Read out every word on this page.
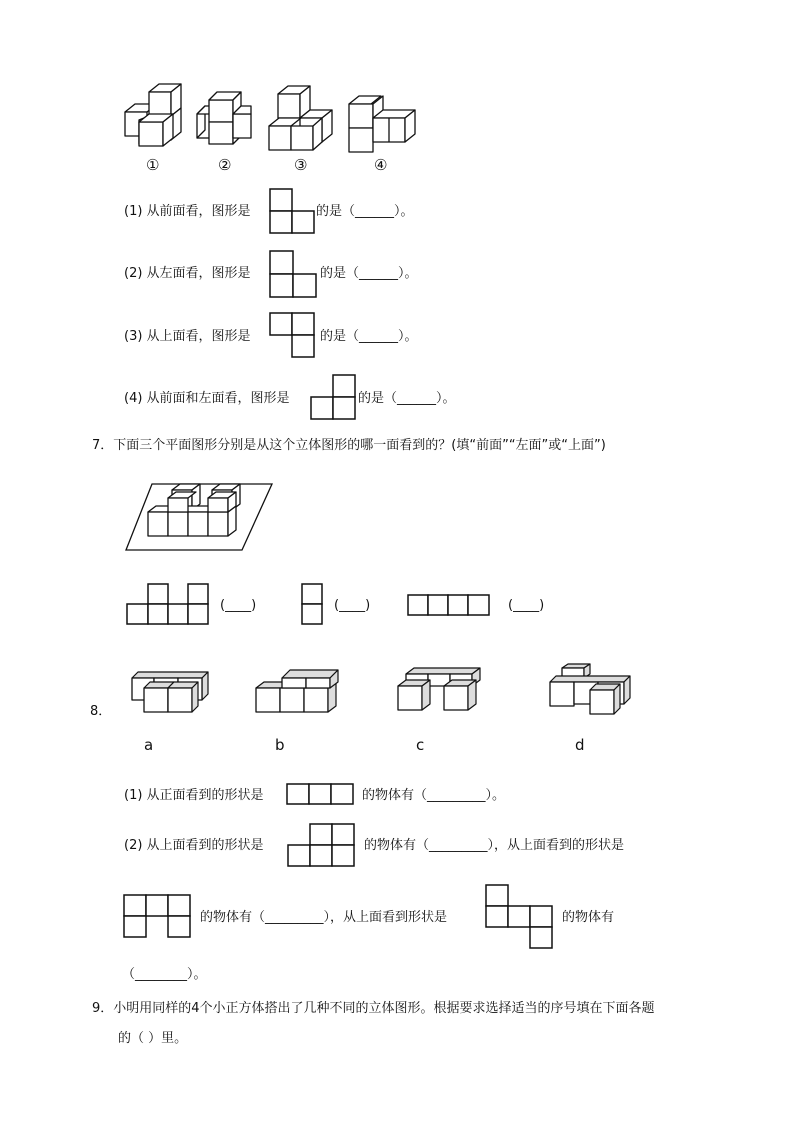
①	②	③	④
(1) 从前面看，图形是	的是（______）。
(2) 从左面看，图形是	的是（______）。
(3) 从上面看，图形是	的是（______）。
(4) 从前面和左面看，图形是	的是（______）。
7．下面三个平面图形分别是从这个立体图形的哪一面看到的？(填“前面”“左面”或“上面”)
(____)	(____)	(____)
8．
a	b	c	d
(1) 从正面看到的形状是	的物体有（_________）。
(2) 从上面看到的形状是	的物体有（_________），从上面看到的形状是
的物体有（_________），从上面看到形状是	的物体有
（________）。
9．小明用同样的4个小正方体搭出了几种不同的立体图形。根据要求选择适当的序号填在下面各题
的（ ）里。
